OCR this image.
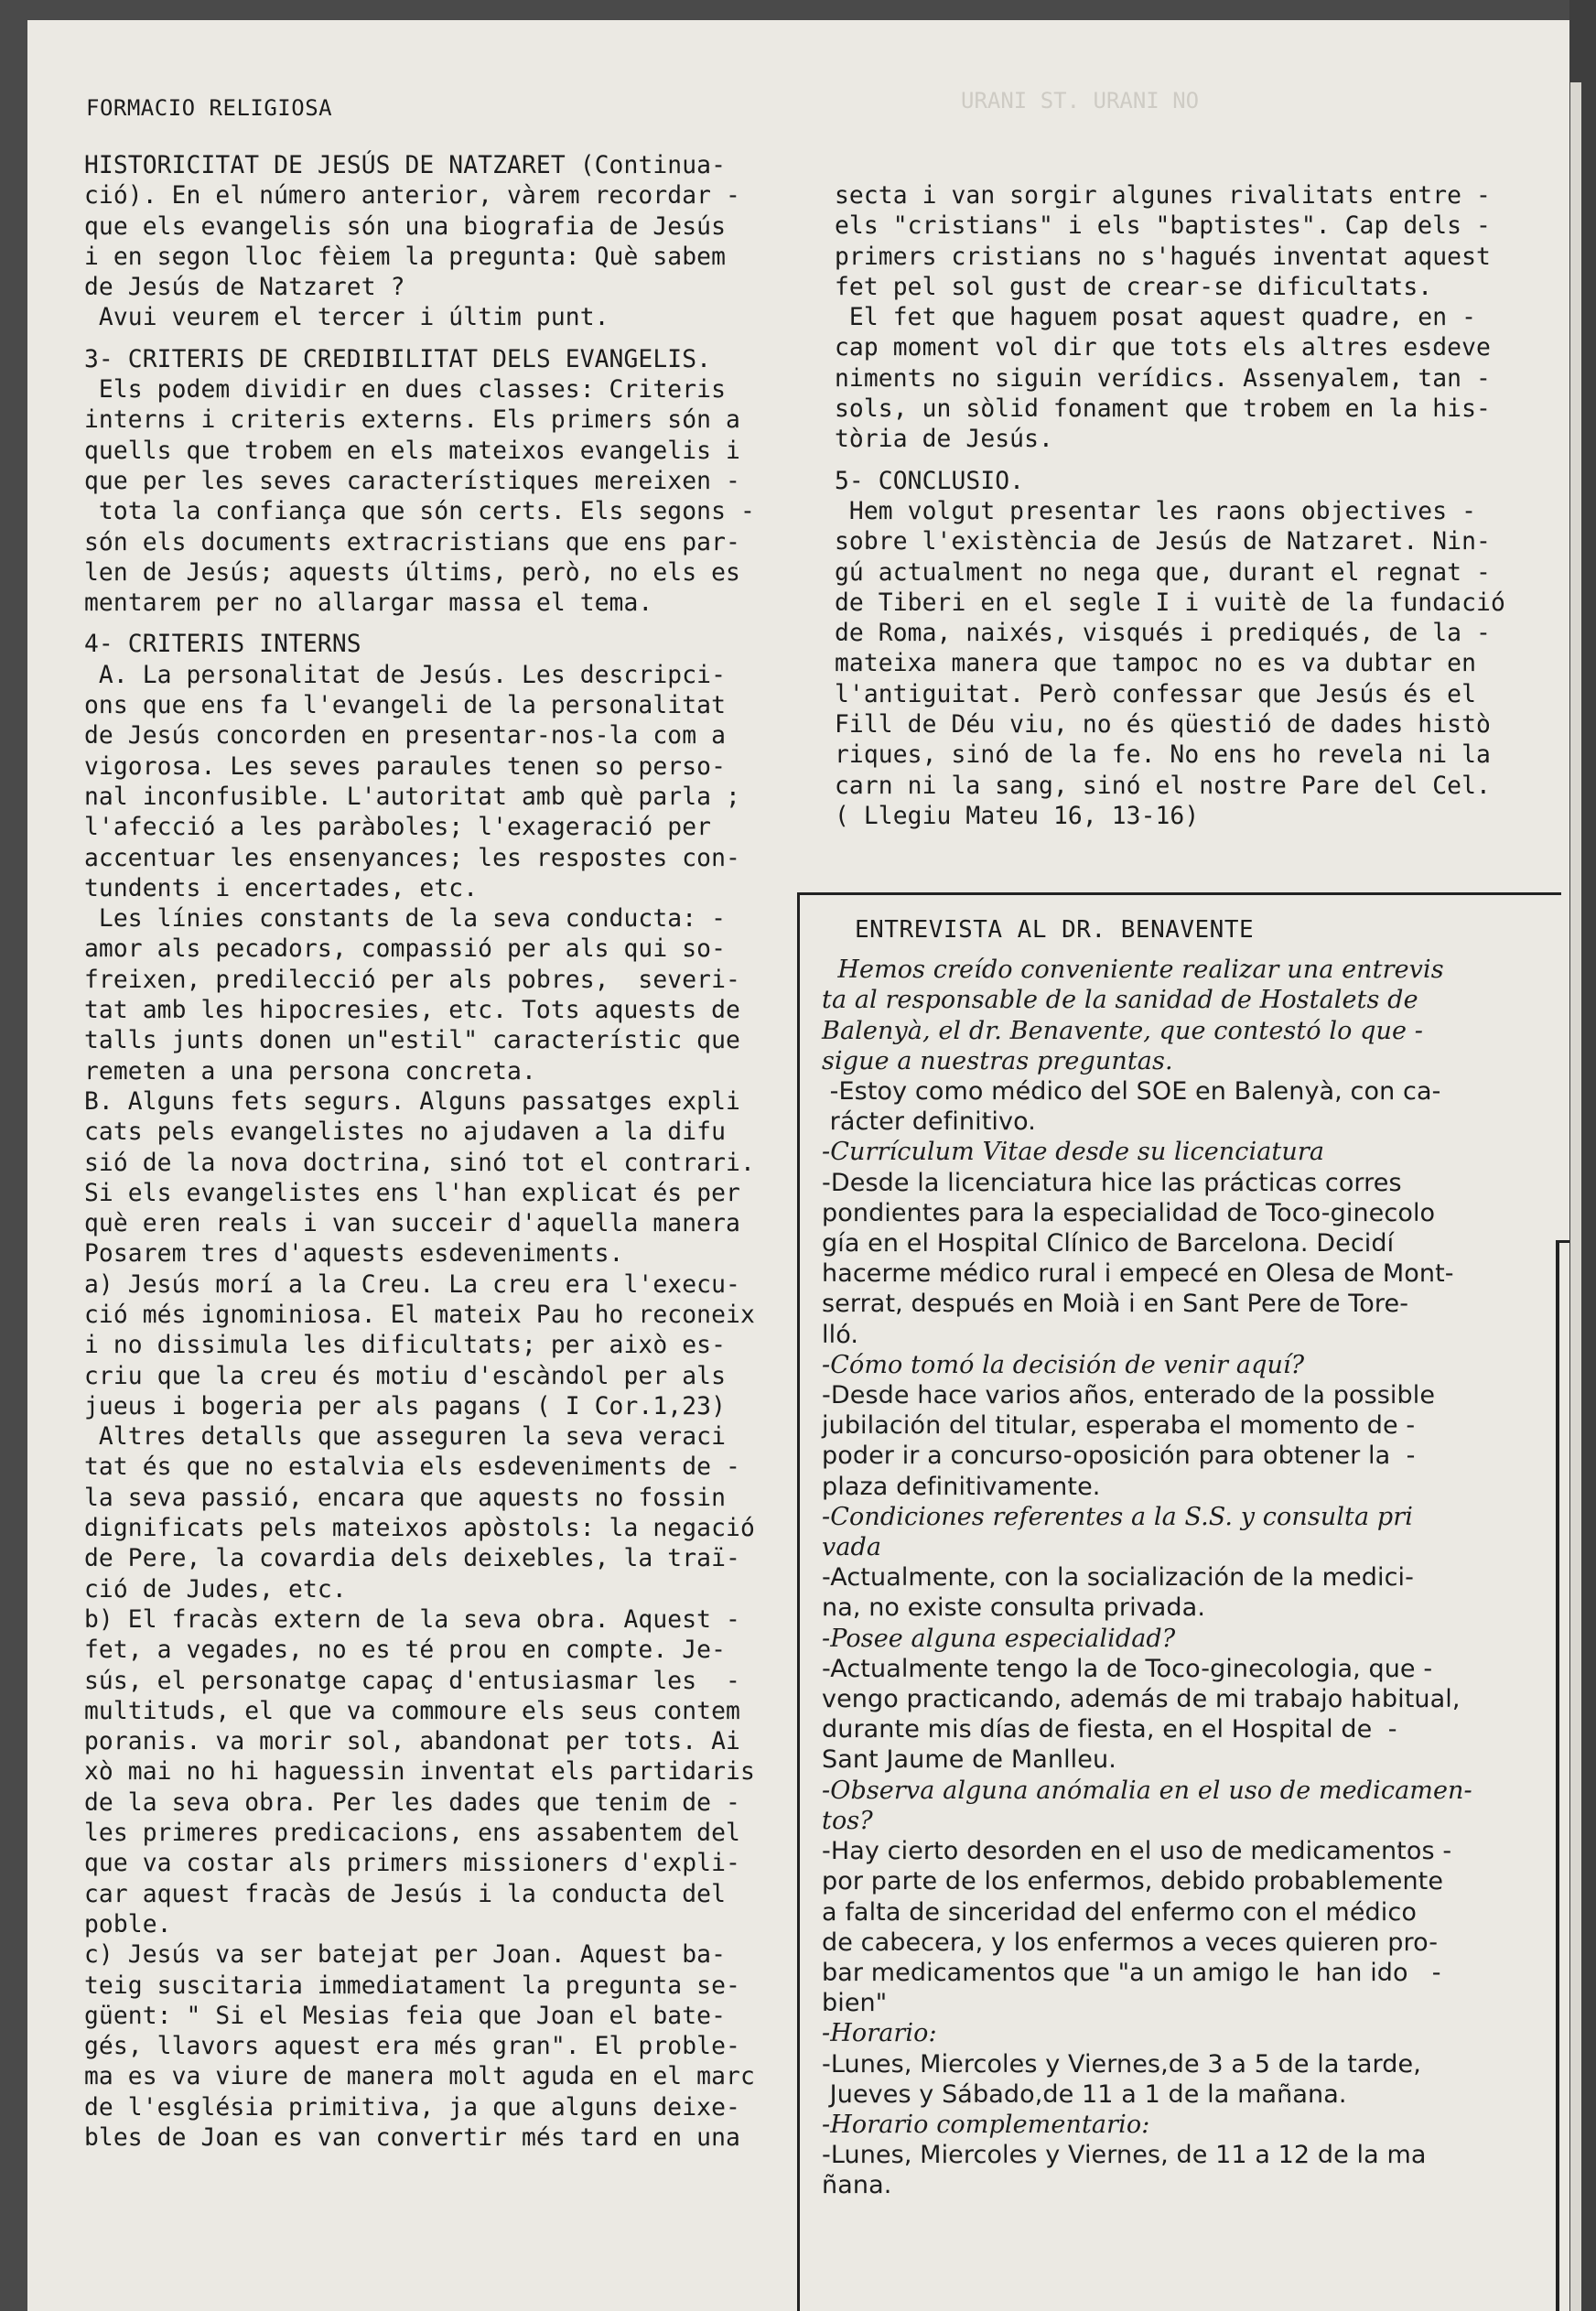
URANI ST. URANI NO
FORMACIO RELIGIOSA

HISTORICITAT DE JESÚS DE NATZARET (Continua-

ció). En el número anterior, vàrem recordar -

que els evangelis són una biografia de Jesús

i en segon lloc fèiem la pregunta: Què sabem

de Jesús de Natzaret ?

Avui veurem el tercer i últim punt.

3- CRITERIS DE CREDIBILITAT DELS EVANGELIS.

Els podem dividir en dues classes: Criteris

interns i criteris externs. Els primers són a

quells que trobem en els mateixos evangelis i

que per les seves característiques mereixen -

tota la confiança que són certs. Els segons -

són els documents extracristians que ens par-

len de Jesús; aquests últims, però, no els es

mentarem per no allargar massa el tema.

4- CRITERIS INTERNS

A. La personalitat de Jesús. Les descripci-

ons que ens fa l'evangeli de la personalitat

de Jesús concorden en presentar-nos-la com a

vigorosa. Les seves paraules tenen so perso-

nal inconfusible. L'autoritat amb què parla ;

l'afecció a les paràboles; l'exageració per

accentuar les ensenyances; les respostes con-

tundents i encertades, etc.

Les línies constants de la seva conducta: -

amor als pecadors, compassió per als qui so-

freixen, predilecció per als pobres,  severi-

tat amb les hipocresies, etc. Tots aquests de

talls junts donen un"estil" característic que

remeten a una persona concreta.

B. Alguns fets segurs. Alguns passatges expli

cats pels evangelistes no ajudaven a la difu

sió de la nova doctrina, sinó tot el contrari.

Si els evangelistes ens l'han explicat és per

què eren reals i van succeir d'aquella manera

Posarem tres d'aquests esdeveniments.

a) Jesús morí a la Creu. La creu era l'execu-

ció més ignominiosa. El mateix Pau ho reconeix

i no dissimula les dificultats; per això es-

criu que la creu és motiu d'escàndol per als

jueus i bogeria per als pagans ( I Cor.1,23)

Altres detalls que asseguren la seva veraci

tat és que no estalvia els esdeveniments de -

la seva passió, encara que aquests no fossin

dignificats pels mateixos apòstols: la negació

de Pere, la covardia dels deixebles, la traï-

ció de Judes, etc.

b) El fracàs extern de la seva obra. Aquest -

fet, a vegades, no es té prou en compte. Je-

sús, el personatge capaç d'entusiasmar les  -

multituds, el que va commoure els seus contem

poranis. va morir sol, abandonat per tots. Ai

xò mai no hi haguessin inventat els partidaris

de la seva obra. Per les dades que tenim de -

les primeres predicacions, ens assabentem del

que va costar als primers missioners d'expli-

car aquest fracàs de Jesús i la conducta del

poble.

c) Jesús va ser batejat per Joan. Aquest ba-

teig suscitaria immediatament la pregunta se-

güent: " Si el Mesias feia que Joan el bate-

gés, llavors aquest era més gran". El proble-

ma es va viure de manera molt aguda en el marc

de l'església primitiva, ja que alguns deixe-

bles de Joan es van convertir més tard en una

secta i van sorgir algunes rivalitats entre -

els "cristians" i els "baptistes". Cap dels -

primers cristians no s'hagués inventat aquest

fet pel sol gust de crear-se dificultats.

El fet que haguem posat aquest quadre, en -

cap moment vol dir que tots els altres esdeve

niments no siguin verídics. Assenyalem, tan -

sols, un sòlid fonament que trobem en la his-

tòria de Jesús.

5- CONCLUSIO.

Hem volgut presentar les raons objectives -

sobre l'existència de Jesús de Natzaret. Nin-

gú actualment no nega que, durant el regnat -

de Tiberi en el segle I i vuitè de la fundació

de Roma, naixés, visqués i prediqués, de la -

mateixa manera que tampoc no es va dubtar en

l'antiguitat. Però confessar que Jesús és el

Fill de Déu viu, no és qüestió de dades histò

riques, sinó de la fe. No ens ho revela ni la

carn ni la sang, sinó el nostre Pare del Cel.

( Llegiu Mateu 16, 13-16)

ENTREVISTA AL DR. BENAVENTE

Hemos creído conveniente realizar una entrevis

ta al responsable de la sanidad de Hostalets de

Balenyà, el dr. Benavente, que contestó lo que -

sigue a nuestras preguntas.

-Estoy como médico del SOE en Balenyà, con ca-

rácter definitivo.

-Currículum Vitae desde su licenciatura

-Desde la licenciatura hice las prácticas corres

pondientes para la especialidad de Toco-ginecolo

gía en el Hospital Clínico de Barcelona. Decidí

hacerme médico rural i empecé en Olesa de Mont-

serrat, después en Moià i en Sant Pere de Tore-

lló.

-Cómo tomó la decisión de venir aquí?

-Desde hace varios años, enterado de la possible

jubilación del titular, esperaba el momento de -

poder ir a concurso-oposición para obtener la  -

plaza definitivamente.

-Condiciones referentes a la S.S. y consulta pri

vada

-Actualmente, con la socialización de la medici-

na, no existe consulta privada.

-Posee alguna especialidad?

-Actualmente tengo la de Toco-ginecologia, que -

vengo practicando, además de mi trabajo habitual,

durante mis días de fiesta, en el Hospital de  -

Sant Jaume de Manlleu.

-Observa alguna anómalia en el uso de medicamen-

tos?

-Hay cierto desorden en el uso de medicamentos -

por parte de los enfermos, debido probablemente

a falta de sinceridad del enfermo con el médico

de cabecera, y los enfermos a veces quieren pro-

bar medicamentos que "a un amigo le  han ido   -

bien"

-Horario:

-Lunes, Miercoles y Viernes,de 3 a 5 de la tarde,

Jueves y Sábado,de 11 a 1 de la mañana.

-Horario complementario:

-Lunes, Miercoles y Viernes, de 11 a 12 de la ma

ñana.
